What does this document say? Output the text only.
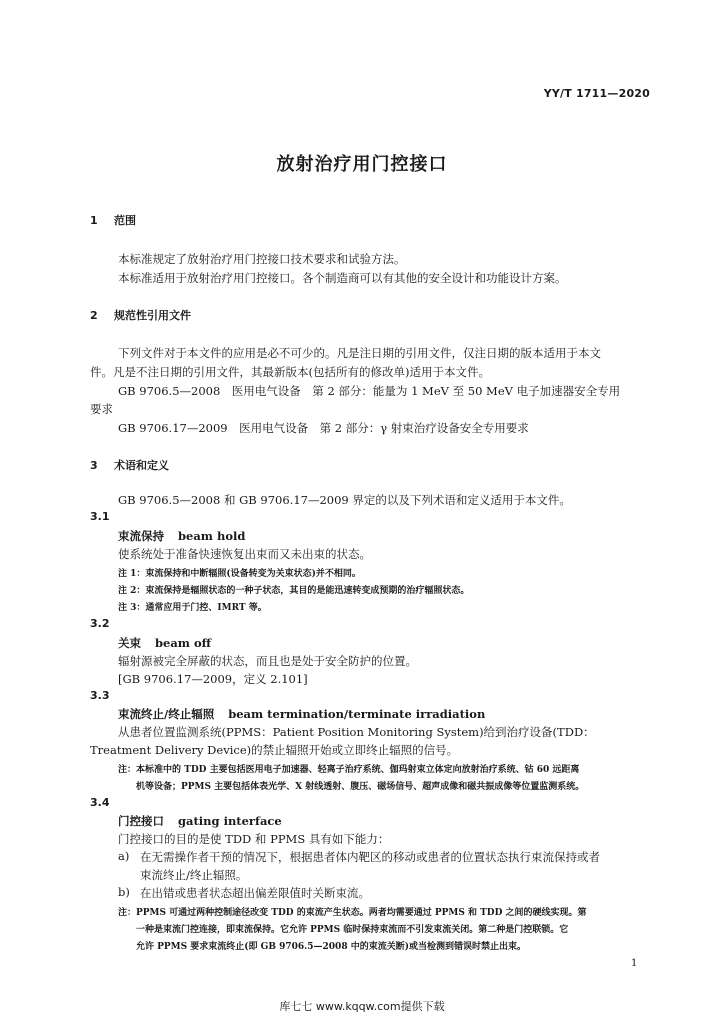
YY/T 1711—2020
放射治疗用门控接口
1 范围
本标准规定了放射治疗用门控接口技术要求和试验方法。
本标准适用于放射治疗用门控接口。各个制造商可以有其他的安全设计和功能设计方案。
2 规范性引用文件
下列文件对于本文件的应用是必不可少的。凡是注日期的引用文件，仅注日期的版本适用于本文
件。凡是不注日期的引用文件，其最新版本(包括所有的修改单)适用于本文件。
GB 9706.5—2008　医用电气设备　第 2 部分：能量为 1 MeV 至 50 MeV 电子加速器安全专用
要求
GB 9706.17—2009　医用电气设备　第 2 部分：γ 射束治疗设备安全专用要求
3 术语和定义
GB 9706.5—2008 和 GB 9706.17—2009 界定的以及下列术语和定义适用于本文件。
3.1
束流保持 beam hold
使系统处于准备快速恢复出束而又未出束的状态。
注 1：束流保持和中断辐照(设备转变为关束状态)并不相同。
注 2：束流保持是辐照状态的一种子状态，其目的是能迅速转变成预期的治疗辐照状态。
注 3：通常应用于门控、IMRT 等。
3.2
关束 beam off
辐射源被完全屏蔽的状态，而且也是处于安全防护的位置。
[GB 9706.17—2009，定义 2.101]
3.3
束流终止/终止辐照 beam termination/terminate irradiation
从患者位置监测系统(PPMS：Patient Position Monitoring System)给到治疗设备(TDD：
Treatment Delivery Device)的禁止辐照开始或立即终止辐照的信号。
注：本标准中的 TDD 主要包括医用电子加速器、轻离子治疗系统、伽玛射束立体定向放射治疗系统、钴 60 远距离
机等设备；PPMS 主要包括体表光学、X 射线透射、腹压、磁场信号、超声成像和磁共振成像等位置监测系统。
3.4
门控接口 gating interface
门控接口的目的是使 TDD 和 PPMS 具有如下能力：
a) 在无需操作者干预的情况下，根据患者体内靶区的移动或患者的位置状态执行束流保持或者
束流终止/终止辐照。
b) 在出错或患者状态超出偏差限值时关断束流。
注：PPMS 可通过两种控制途径改变 TDD 的束流产生状态。两者均需要通过 PPMS 和 TDD 之间的硬线实现。第
一种是束流门控连接，即束流保持。它允许 PPMS 临时保持束流而不引发束流关闭。第二种是门控联锁。它
允许 PPMS 要求束流终止(即 GB 9706.5—2008 中的束流关断)或当检测到错误时禁止出束。
1
库七七 www.kqqw.com提供下载
